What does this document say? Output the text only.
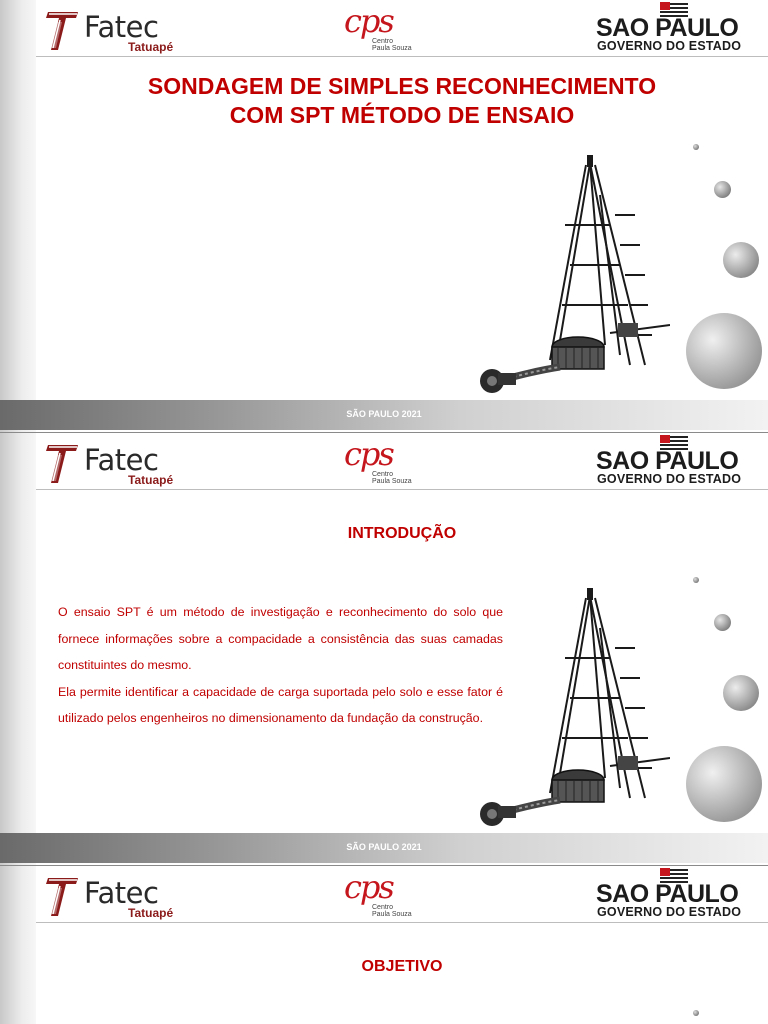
Fatec
Tatuapé
cps
Centro
Paula Souza
SAO PAULO
GOVERNO DO ESTADO
SONDAGEM DE SIMPLES RECONHECIMENTO
COM SPT MÉTODO DE ENSAIO
SÃO PAULO 2021
Fatec
Tatuapé
cps
Centro
Paula Souza
SAO PAULO
GOVERNO DO ESTADO
INTRODUÇÃO
O ensaio SPT é um método de investigação e reconhecimento do solo que fornece informações sobre a compacidade a consistência das suas camadas constituintes do mesmo.
Ela permite identificar a capacidade de carga suportada pelo solo e esse fator é utilizado pelos engenheiros no dimensionamento da fundação da construção.
SÃO PAULO 2021
Fatec
Tatuapé
cps
Centro
Paula Souza
SAO PAULO
GOVERNO DO ESTADO
OBJETIVO
